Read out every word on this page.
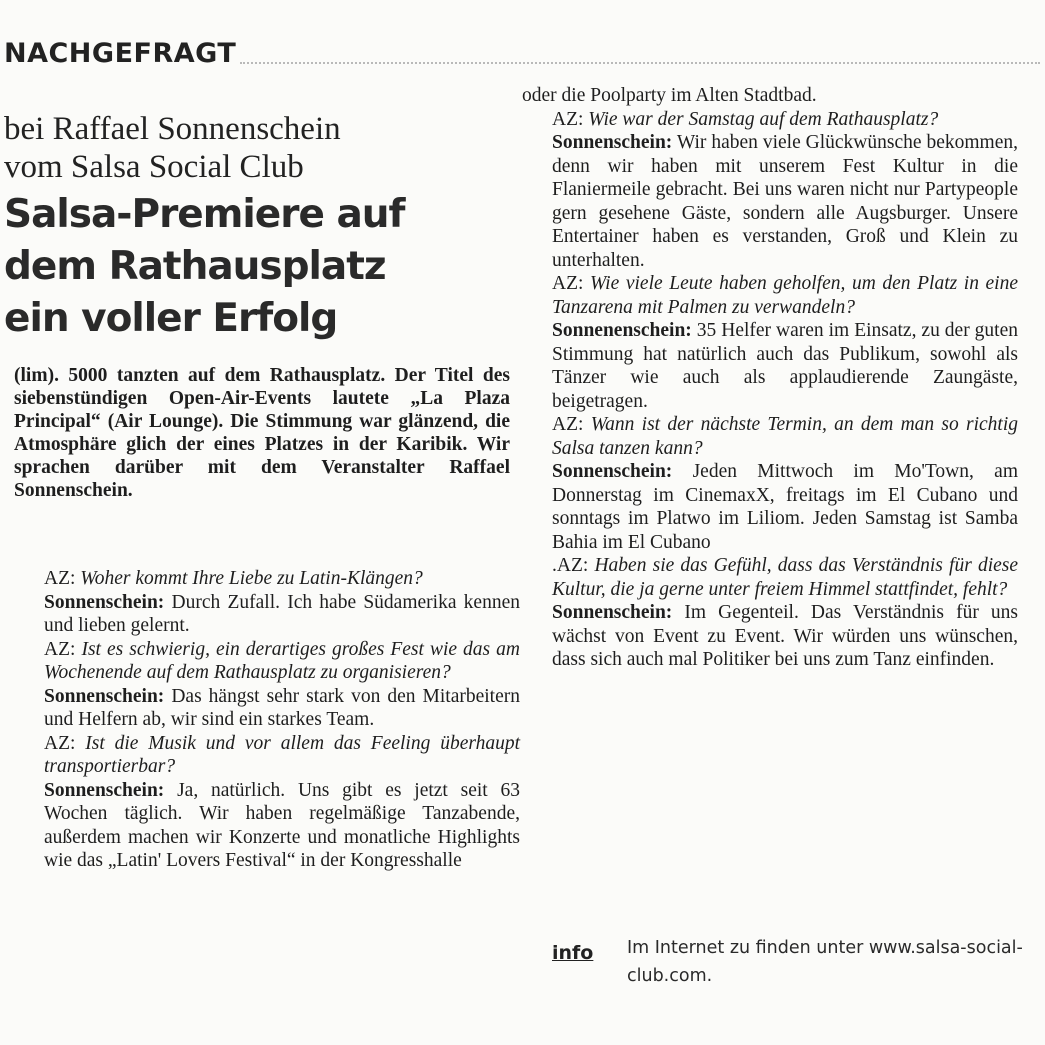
NACHGEFRAGT
bei Raffael Sonnenschein
vom Salsa Social Club
Salsa-Premiere auf
dem Rathausplatz
ein voller Erfolg
(lim). 5000 tanzten auf dem Rathausplatz. Der Titel des siebenstündigen Open-Air-Events lautete „La Plaza Principal“ (Air Lounge). Die Stimmung war glänzend, die Atmosphäre glich der eines Platzes in der Karibik. Wir sprachen darüber mit dem Veranstalter Raffael Sonnenschein.

AZ: Woher kommt Ihre Liebe zu Latin-Klängen?

Sonnenschein: Durch Zufall. Ich habe Südamerika kennen und lieben gelernt.

AZ: Ist es schwierig, ein derartiges großes Fest wie das am Wochenende auf dem Rathausplatz zu organisieren?

Sonnenschein: Das hängst sehr stark von den Mitarbeitern und Helfern ab, wir sind ein starkes Team.

AZ: Ist die Musik und vor allem das Feeling überhaupt transportierbar?

Sonnenschein: Ja, natürlich. Uns gibt es jetzt seit 63 Wochen täglich. Wir haben regelmäßige Tanzabende, außerdem machen wir Konzerte und monatliche Highlights wie das „Latin' Lovers Festival“ in der Kongresshalle

oder die Poolparty im Alten Stadtbad.

AZ: Wie war der Samstag auf dem Rathausplatz?

Sonnenschein: Wir haben viele Glückwünsche bekommen, denn wir haben mit unserem Fest Kultur in die Flaniermeile gebracht. Bei uns waren nicht nur Partypeople gern gesehene Gäste, sondern alle Augsburger. Unsere Entertainer haben es verstanden, Groß und Klein zu unterhalten.

AZ: Wie viele Leute haben geholfen, um den Platz in eine Tanzarena mit Palmen zu verwandeln?

Sonnenenschein: 35 Helfer waren im Einsatz, zu der guten Stimmung hat natürlich auch das Publikum, sowohl als Tänzer wie auch als applaudierende Zaungäste, beigetragen.

AZ: Wann ist der nächste Termin, an dem man so richtig Salsa tanzen kann?

Sonnenschein: Jeden Mittwoch im Mo'Town, am Donnerstag im CinemaxX, freitags im El Cubano und sonntags im Platwo im Liliom. Jeden Samstag ist Samba Bahia im El Cubano

.AZ: Haben sie das Gefühl, dass das Verständnis für diese Kultur, die ja gerne unter freiem Himmel stattfindet, fehlt?

Sonnenschein: Im Gegenteil. Das Verständnis für uns wächst von Event zu Event. Wir würden uns wünschen, dass sich auch mal Politiker bei uns zum Tanz einfinden.

info Im Internet zu finden unter www.salsa-social-club.com.
